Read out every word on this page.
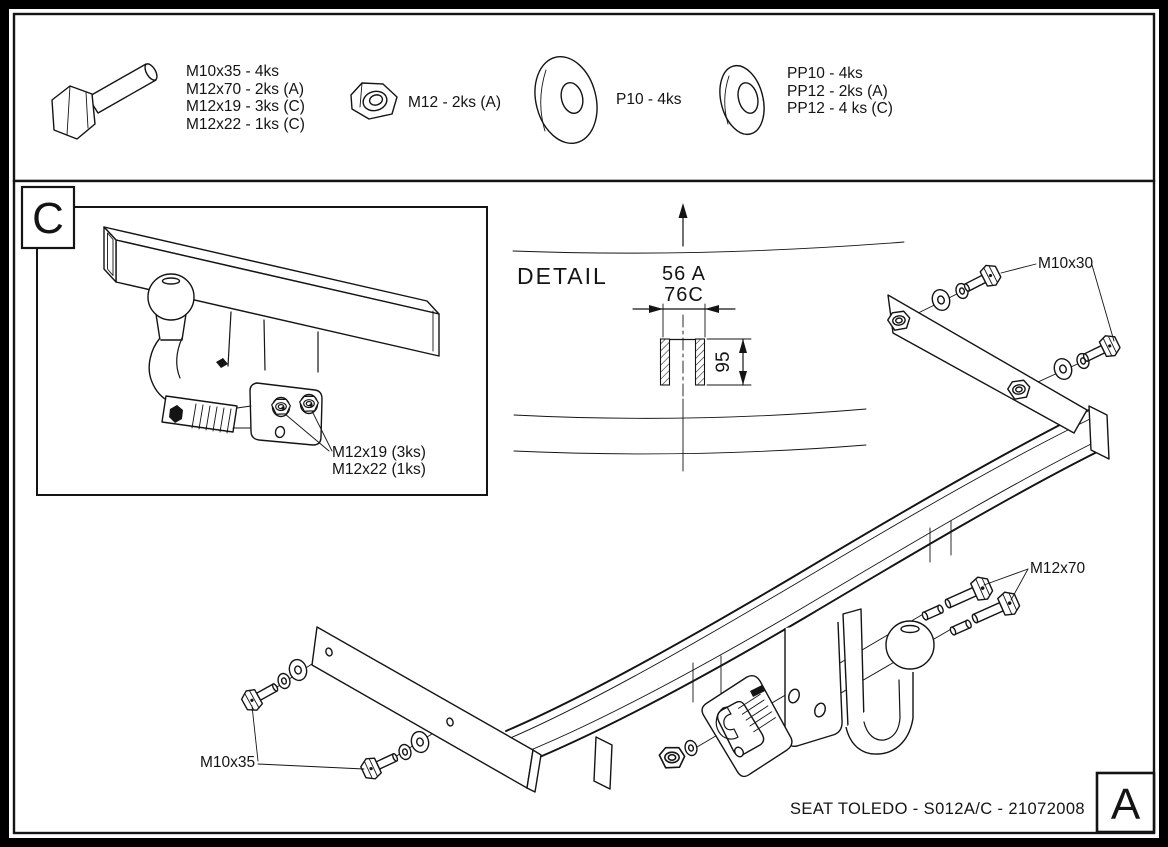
M10x35 - 4ks
M12x70 - 2ks (A)
M12x19 - 3ks (C)
M12x22 - 1ks (C)
M12 - 2ks (A)	P10 - 4ks
PP10 - 4ks
PP12 - 2ks (A)
PP12 - 4 ks (C)
DETAIL	56 A
76C
95
M10x30
M12x70
M10x35
M12x19 (3ks)
M12x22 (1ks)
C
SEAT TOLEDO - S012A/C - 21072008 A
